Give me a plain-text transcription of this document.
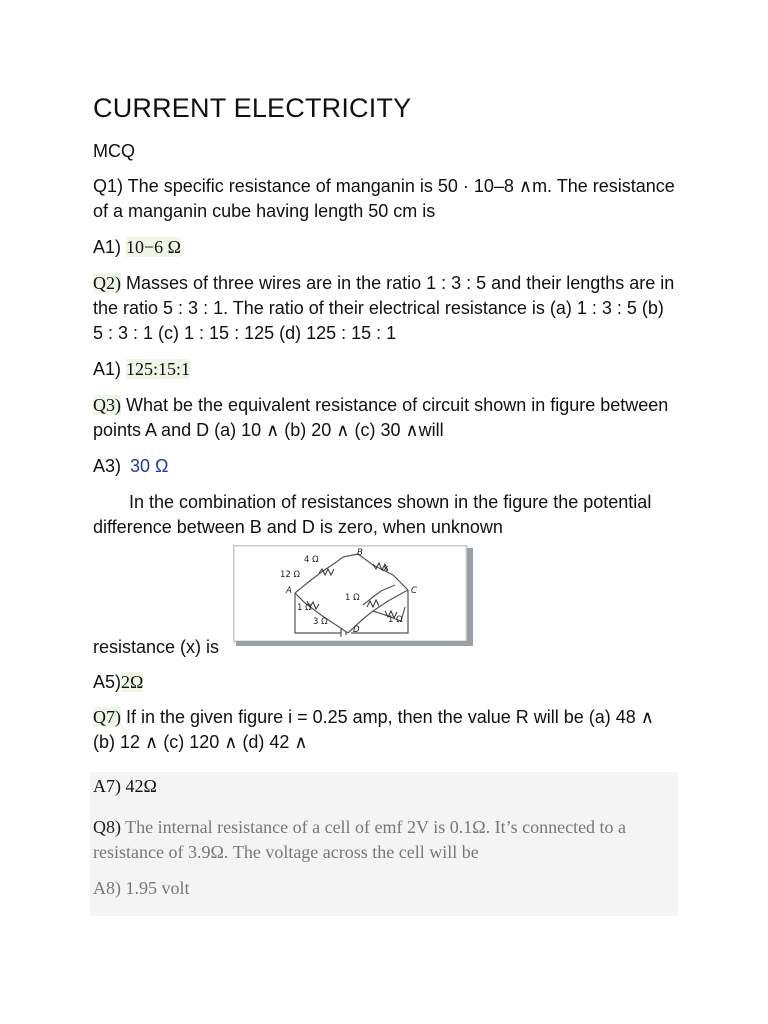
CURRENT ELECTRICITY
MCQ
Q1) The specific resistance of manganin is 50 · 10–8 ∧m. The resistance of a manganin cube having length 50 cm is
A1) 10−6 Ω
Q2) Masses of three wires are in the ratio 1 : 3 : 5 and their lengths are in the ratio 5 : 3 : 1. The ratio of their electrical resistance is (a) 1 : 3 : 5 (b) 5 : 3 : 1 (c) 1 : 15 : 125 (d) 125 : 15 : 1
A1) 125:15:1
Q3) What be the equivalent resistance of circuit shown in figure between points A and D (a) 10 ∧ (b) 20 ∧ (c) 30 ∧will
A3) 30 Ω
In the combination of resistances shown in the figure the potential difference between B and D is zero, when unknown
4 Ω
12 Ω
B
x
C
A
1 Ω
1 Ω
3 Ω	1 Ω
D
resistance (x) is
A5)2Ω
Q7) If in the given figure i = 0.25 amp, then the value R will be (a) 48 ∧ (b) 12 ∧ (c) 120 ∧ (d) 42 ∧
A7) 42Ω
Q8) The internal resistance of a cell of emf 2V is 0.1Ω. It’s connected to a resistance of 3.9Ω. The voltage across the cell will be
A8) 1.95 volt
